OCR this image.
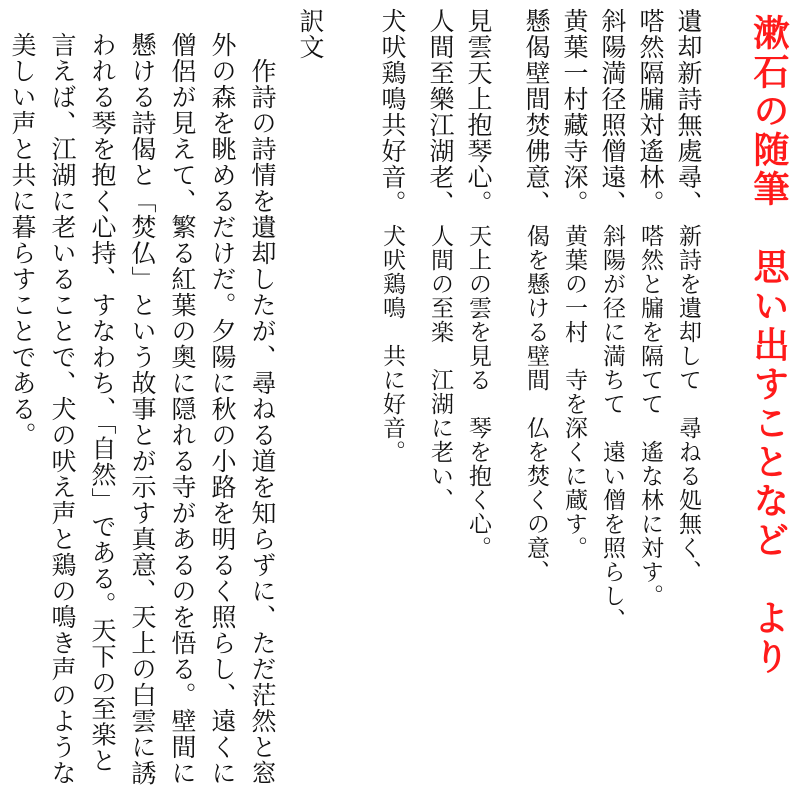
漱石の随筆　思い出すことなど　より
遺却新詩無處尋、
嗒然隔牖対遙林。
斜陽満径照僧遠、
黄葉一村藏寺深。
懸偈壁間焚佛意、
見雲天上抱琴心。
人間至樂江湖老、
犬吠鶏鳴共好音。
新詩を遺却して　尋ねる処無く、
嗒然と牖を隔てて　遙な林に対す。
斜陽が径に満ちて　遠い僧を照らし、
黄葉の一村　寺を深くに蔵す。
偈を懸ける壁間　仏を焚くの意、
天上の雲を見る　琴を抱く心。
人間の至楽　江湖に老い、
犬吠鶏鳴　共に好音。
訳文
　作詩の詩情を遺却したが、尋ねる道を知らずに、ただ茫然と窓
外の森を眺めるだけだ。夕陽に秋の小路を明るく照らし、遠くに
僧侶が見えて、繁る紅葉の奥に隠れる寺があるのを悟る。壁間に
懸ける詩偈と「焚仏」という故事とが示す真意、天上の白雲に誘
われる琴を抱く心持、すなわち、「自然」である。天下の至楽と
言えば、江湖に老いることで、犬の吠え声と鶏の鳴き声のような
美しい声と共に暮らすことである。
